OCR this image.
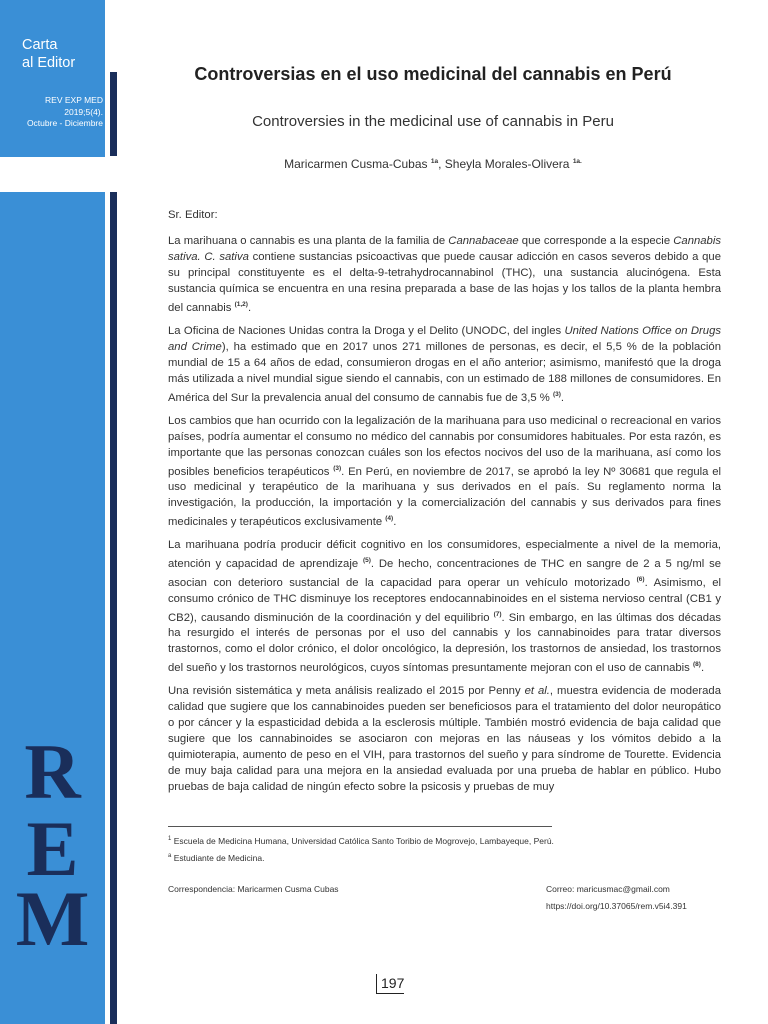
Carta
al Editor
REV EXP MED
2019;5(4).
Octubre - Diciembre
R
E
M
Controversias en el uso medicinal del cannabis en Perú
Controversies in the medicinal use of cannabis in Peru
Maricarmen Cusma-Cubas $^{1a}$, Sheyla Morales-Olivera $^{1a.}$

Sr. Editor:

La marihuana o cannabis es una planta de la familia de Cannabaceae que corresponde a la especie Cannabis sativa. C. sativa contiene sustancias psicoactivas que puede causar adicción en casos severos debido a que su principal constituyente es el delta-9-tetrahydrocannabinol (THC), una sustancia alucinógena. Esta sustancia química se encuentra en una resina preparada a base de las hojas y los tallos de la planta hembra del cannabis $^{(1,2)}$.

La Oficina de Naciones Unidas contra la Droga y el Delito (UNODC, del ingles United Nations Office on Drugs and Crime), ha estimado que en 2017 unos 271 millones de personas, es decir, el 5,5 % de la población mundial de 15 a 64 años de edad, consumieron drogas en el año anterior; asimismo, manifestó que la droga más utilizada a nivel mundial sigue siendo el cannabis, con un estimado de 188 millones de consumidores. En América del Sur la prevalencia anual del consumo de cannabis fue de 3,5 % $^{(3)}$.

Los cambios que han ocurrido con la legalización de la marihuana para uso medicinal o recreacional en varios países, podría aumentar el consumo no médico del cannabis por consumidores habituales. Por esta razón, es importante que las personas conozcan cuáles son los efectos nocivos del uso de la marihuana, así como los posibles beneficios terapéuticos $^{(3)}$. En Perú, en noviembre de 2017, se aprobó la ley Nº 30681 que regula el uso medicinal y terapéutico de la marihuana y sus derivados en el país. Su reglamento norma la investigación, la producción, la importación y la comercialización del cannabis y sus derivados para fines medicinales y terapéuticos exclusivamente $^{(4)}$.

La marihuana podría producir déficit cognitivo en los consumidores, especialmente a nivel de la memoria, atención y capacidad de aprendizaje $^{(5)}$. De hecho, concentraciones de THC en sangre de 2 a 5 ng/ml se asocian con deterioro sustancial de la capacidad para operar un vehículo motorizado $^{(6)}$. Asimismo, el consumo crónico de THC disminuye los receptores endocannabinoides en el sistema nervioso central (CB1 y CB2), causando disminución de la coordinación y del equilibrio $^{(7)}$. Sin embargo, en las últimas dos décadas ha resurgido el interés de personas por el uso del cannabis y los cannabinoides para tratar diversos trastornos, como el dolor crónico, el dolor oncológico, la depresión, los trastornos de ansiedad, los trastornos del sueño y los trastornos neurológicos, cuyos síntomas presuntamente mejoran con el uso de cannabis $^{(8)}$.

Una revisión sistemática y meta análisis realizado el 2015 por Penny et al., muestra evidencia de moderada calidad que sugiere que los cannabinoides pueden ser beneficiosos para el tratamiento del dolor neuropático o por cáncer y la espasticidad debida a la esclerosis múltiple. También mostró evidencia de baja calidad que sugiere que los cannabinoides se asociaron con mejoras en las náuseas y los vómitos debido a la quimioterapia, aumento de peso en el VIH, para trastornos del sueño y para síndrome de Tourette. Evidencia de muy baja calidad para una mejora en la ansiedad evaluada por una prueba de hablar en público. Hubo pruebas de baja calidad de ningún efecto sobre la psicosis y pruebas de muy

$^1$ Escuela de Medicina Humana, Universidad Católica Santo Toribio de Mogrovejo, Lambayeque, Perú.
$^a$ Estudiante de Medicina.
Correspondencia: Maricarmen Cusma Cubas	Correo: maricusmac@gmail.com
https://doi.org/10.37065/rem.v5i4.391
197
